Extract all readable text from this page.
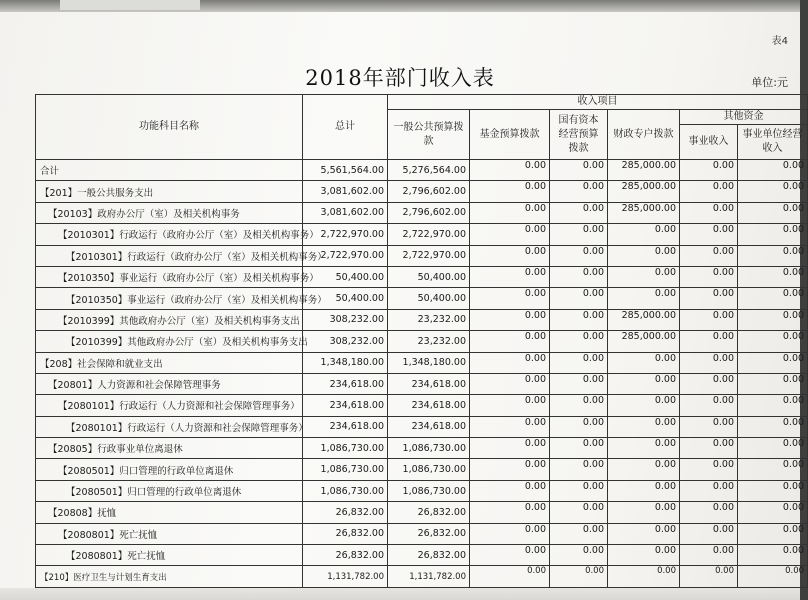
表4
2018年部门收入表	单位:元
功能科目名称	总计	收入项目					
		一般公共预算拨款	基金预算拨款	国有资本经营预算拨款	财政专户拨款	其他资金	
						事业收入	事业单位经营收入
合计	5,561,564.00	5,276,564.00	0.00	0.00	285,000.00	0.00	0.00
【201】一般公共服务支出	3,081,602.00	2,796,602.00	0.00	0.00	285,000.00	0.00	0.00
【20103】政府办公厅（室）及相关机构事务	3,081,602.00	2,796,602.00	0.00	0.00	285,000.00	0.00	0.00
【2010301】行政运行（政府办公厅（室）及相关机构事务）	2,722,970.00	2,722,970.00	0.00	0.00	0.00	0.00	0.00
【2010301】行政运行（政府办公厅（室）及相关机构事务）	2,722,970.00	2,722,970.00	0.00	0.00	0.00	0.00	0.00
【2010350】事业运行（政府办公厅（室）及相关机构事务）	50,400.00	50,400.00	0.00	0.00	0.00	0.00	0.00
【2010350】事业运行（政府办公厅（室）及相关机构事务）	50,400.00	50,400.00	0.00	0.00	0.00	0.00	0.00
【2010399】其他政府办公厅（室）及相关机构事务支出	308,232.00	23,232.00	0.00	0.00	285,000.00	0.00	0.00
【2010399】其他政府办公厅（室）及相关机构事务支出	308,232.00	23,232.00	0.00	0.00	285,000.00	0.00	0.00
【208】社会保障和就业支出	1,348,180.00	1,348,180.00	0.00	0.00	0.00	0.00	0.00
【20801】人力资源和社会保障管理事务	234,618.00	234,618.00	0.00	0.00	0.00	0.00	0.00
【2080101】行政运行（人力资源和社会保障管理事务）	234,618.00	234,618.00	0.00	0.00	0.00	0.00	0.00
【2080101】行政运行（人力资源和社会保障管理事务）	234,618.00	234,618.00	0.00	0.00	0.00	0.00	0.00
【20805】行政事业单位离退休	1,086,730.00	1,086,730.00	0.00	0.00	0.00	0.00	0.00
【2080501】归口管理的行政单位离退休	1,086,730.00	1,086,730.00	0.00	0.00	0.00	0.00	0.00
【2080501】归口管理的行政单位离退休	1,086,730.00	1,086,730.00	0.00	0.00	0.00	0.00	0.00
【20808】抚恤	26,832.00	26,832.00	0.00	0.00	0.00	0.00	0.00
【2080801】死亡抚恤	26,832.00	26,832.00	0.00	0.00	0.00	0.00	0.00
【2080801】死亡抚恤	26,832.00	26,832.00	0.00	0.00	0.00	0.00	0.00
【210】医疗卫生与计划生育支出	1,131,782.00	1,131,782.00	0.00	0.00	0.00	0.00	0.00
